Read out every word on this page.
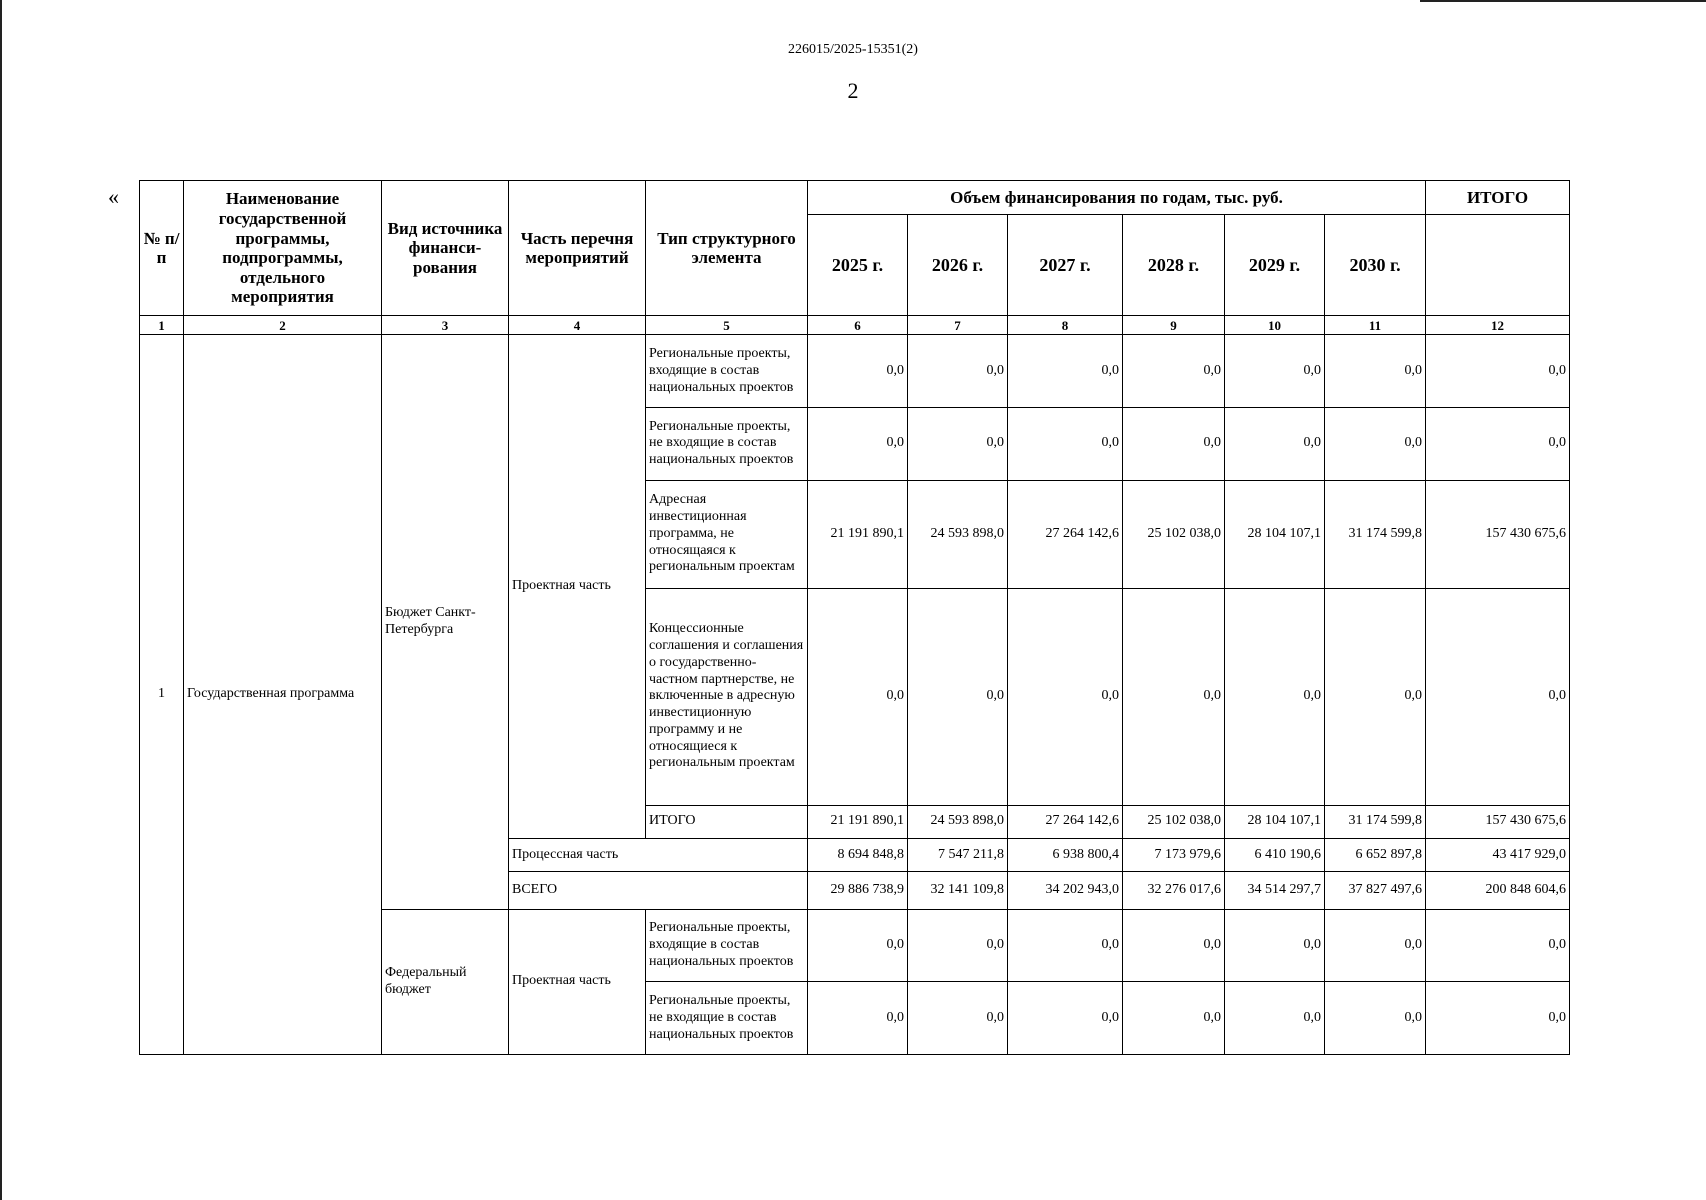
226015/2025-15351(2)
2
«
№ п/п	Наименование государственной программы, подпрограммы, отдельного мероприятия	Вид источника финанси-рования	Часть перечня мероприятий	Тип структурного элемента	Объем финансирования по годам, тыс. руб.						ИТОГО
					2025 г.	2026 г.	2027 г.	2028 г.	2029 г.	2030 г.	
1	2	3	4	5	6	7	8	9	10	11	12
1	Государственная программа	Бюджет Санкт-Петербурга	Проектная часть	Региональные проекты, входящие в состав национальных проектов	0,0	0,0	0,0	0,0	0,0	0,0	0,0
				Региональные проекты, не входящие в состав национальных проектов	0,0	0,0	0,0	0,0	0,0	0,0	0,0
				Адресная инвестиционная программа, не относящаяся к региональным проектам	21 191 890,1	24 593 898,0	27 264 142,6	25 102 038,0	28 104 107,1	31 174 599,8	157 430 675,6
				Концессионные соглашения и соглашения о государственно-частном партнерстве, не включенные в адресную инвестиционную программу и не относящиеся к региональным проектам	0,0	0,0	0,0	0,0	0,0	0,0	0,0
				ИТОГО	21 191 890,1	24 593 898,0	27 264 142,6	25 102 038,0	28 104 107,1	31 174 599,8	157 430 675,6
			Процессная часть		8 694 848,8	7 547 211,8	6 938 800,4	7 173 979,6	6 410 190,6	6 652 897,8	43 417 929,0
			ВСЕГО		29 886 738,9	32 141 109,8	34 202 943,0	32 276 017,6	34 514 297,7	37 827 497,6	200 848 604,6
		Федеральный бюджет	Проектная часть	Региональные проекты, входящие в состав национальных проектов	0,0	0,0	0,0	0,0	0,0	0,0	0,0
				Региональные проекты, не входящие в состав национальных проектов	0,0	0,0	0,0	0,0	0,0	0,0	0,0
